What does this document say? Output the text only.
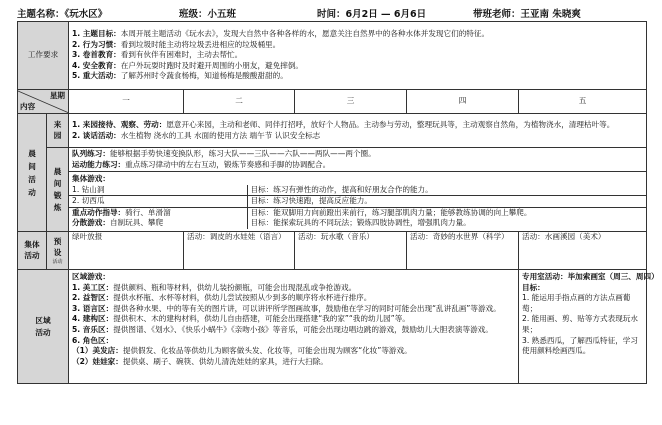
主题名称：《玩水区》	班级：小五班	时间：6月2日 — 6月6日	带班老师：王亚南 朱晓爽
工作要求	
1. 主题目标：本周开展主题活动《玩水去》，发现大自然中各种各样的水，愿意关注自然界中的各种水体并发现它们的特征。
2. 行为习惯：看到垃圾时能主动将垃圾丢进相应的垃圾桶里。
3. 卷首教育：看到有伙伴有困难时，主动去帮忙。
4. 安全教育：在户外玩耍时跑时及时避开周围的小朋友，避免摔倒。
5. 重大活动：了解苏州时令蔬食杨梅，知道杨梅是酸酸甜甜的。

星期
内容
	一	二	三	四	五
晨间活动	来园	
1. 来园接待、观察、劳动：愿意开心来园，主动和老师、同伴打招呼，放好个人物品。主动参与劳动，整理玩具等，主动观察自然角，为植物浇水，清理枯叶等。
2. 谈话活动：水生植物 浇水的工具 水面的使用方法 端午节 认识安全标志

晨间锻炼	
队列练习：能够根据手势快速变换队形，练习大队——三队——六队——两队——两个圈。
运动能力练习：重点练习律动中的左右互动，锻炼节奏感和手脚的协调配合。

集体游戏：
1. 钻山洞	目标：练习有弹性的动作，提高和好朋友合作的能力。
2. 切西瓜	目标：练习快速跑，提高反应能力。
重点动作指导：骑行、单滑溜	目标：能双脚用力向前蹬出来前行，练习腿部肌肉力量；能够教练协调的向上攀爬。
分散游戏：自制玩具、攀爬	目标：能探索玩具的不同玩法；锻炼四肢协调性，增强肌肉力量。

集体活动	预设
活动
	绿叶放报	活动：调皮的水娃娃（语言）	活动：玩水歌（音乐）	活动：奇妙的水世界（科学）	活动：水画溪园（美术）
区域活动	
区域游戏：
1. 美工区：提供颜料、瓶和等材料，供幼儿装扮颜瓶，可能会出现混乱或争抢游戏。
2. 益智区：提供水杯瓶、水杯等材料，供幼儿尝试按照从少到多的顺序将水杯进行排序。
3. 语言区：提供各种水果、中的等有关的图片讲，可以讲评所学图画故事，鼓励他在学习的同时可能会出现“乱讲乱画”等游戏。
4. 建构区：提供积木、木的建构材料，供幼儿自由搭建，可能会出现搭建“我的家”“我的幼儿园”等。
5. 音乐区：提供图谱、《划水》、《快乐小蜗牛》《亲吻小孩》等音乐，可能会出现边唱边跳的游戏，鼓励幼儿大胆表演等游戏。
6. 角色区：
（1）美发店：提供假发、化妆品等供幼儿为顾客做头发、化妆等，可能会出现为顾客“化妆”等游戏。
（2）娃娃家：提供桌、刷子、碗筷、供幼儿清洗娃娃的家具，进行大扫除。

专用室活动：毕加索画室（周三、周四）
目标：
1. 能运用手指点画的方法点画葡萄；
2. 能用画、剪、贴等方式表现玩水果；
3. 熟悉西瓜，了解西瓜特征，学习使用颜料绘画西瓜。
